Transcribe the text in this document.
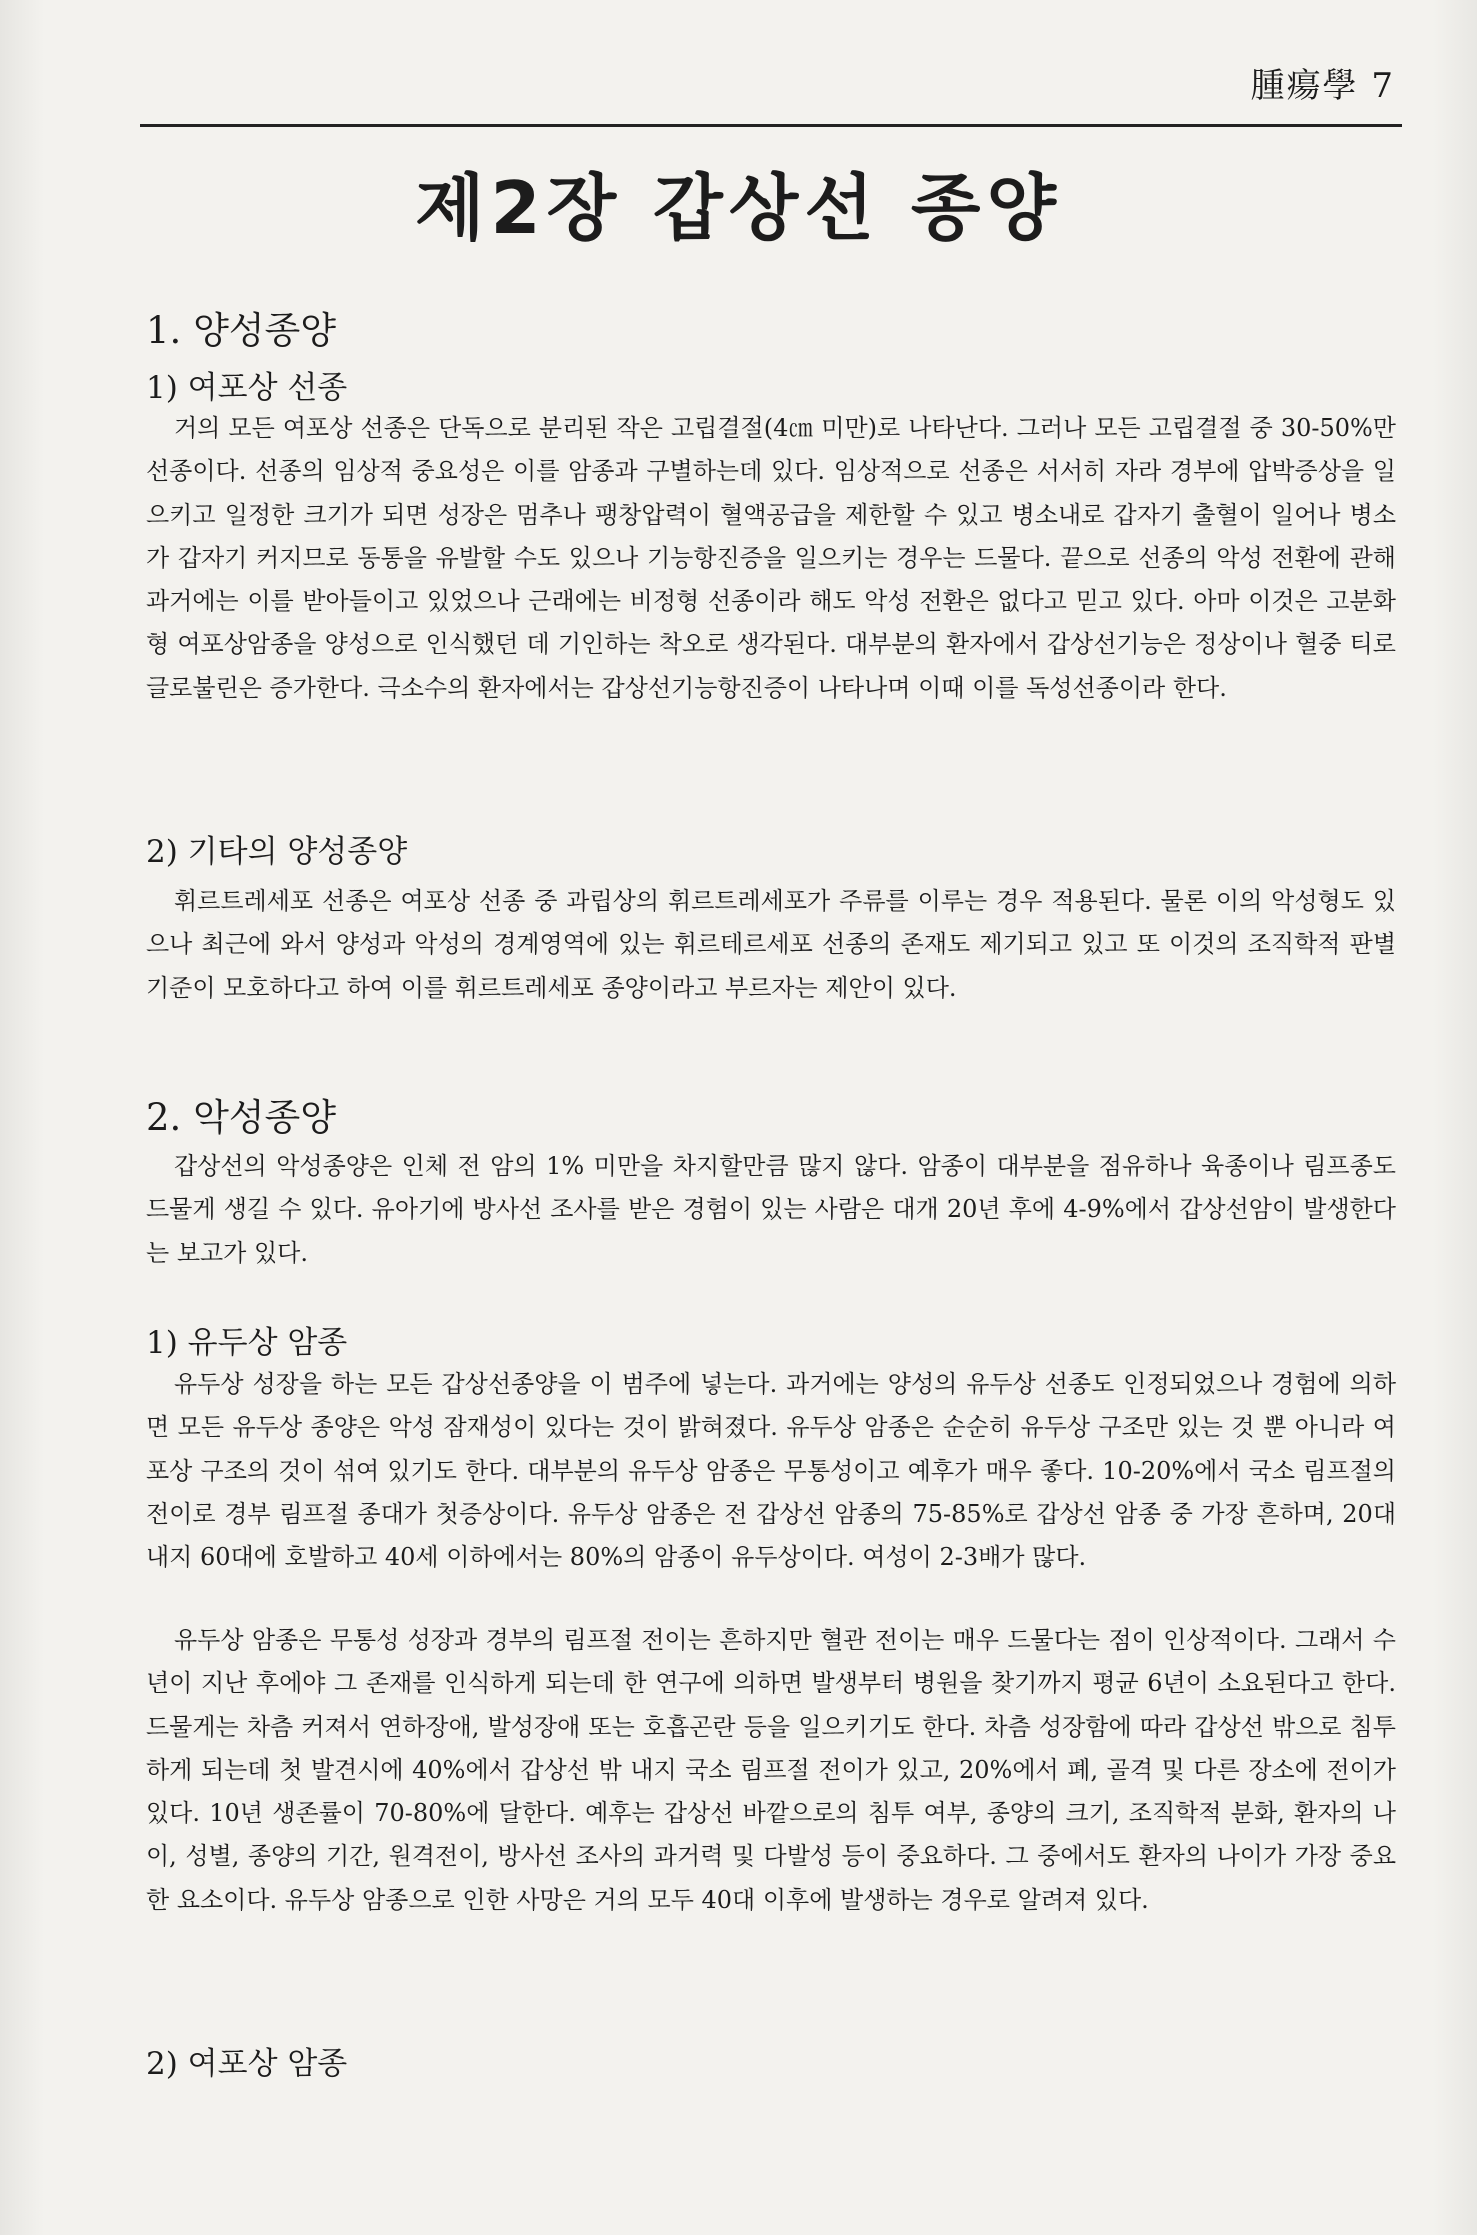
腫瘍學 7
제2장 갑상선 종양
1. 양성종양
1) 여포상 선종

거의 모든 여포상 선종은 단독으로 분리된 작은 고립결절(4㎝ 미만)로 나타난다. 그러나 모든 고립결절 중 30-50%만 선종이다. 선종의 임상적 중요성은 이를 암종과 구별하는데 있다. 임상적으로 선종은 서서히 자라 경부에 압박증상을 일으키고 일정한 크기가 되면 성장은 멈추나 팽창압력이 혈액공급을 제한할 수 있고 병소내로 갑자기 출혈이 일어나 병소가 갑자기 커지므로 동통을 유발할 수도 있으나 기능항진증을 일으키는 경우는 드물다. 끝으로 선종의 악성 전환에 관해 과거에는 이를 받아들이고 있었으나 근래에는 비정형 선종이라 해도 악성 전환은 없다고 믿고 있다. 아마 이것은 고분화형 여포상암종을 양성으로 인식했던 데 기인하는 착오로 생각된다. 대부분의 환자에서 갑상선기능은 정상이나 혈중 티로글로불린은 증가한다. 극소수의 환자에서는 갑상선기능항진증이 나타나며 이때 이를 독성선종이라 한다.

2) 기타의 양성종양

휘르트레세포 선종은 여포상 선종 중 과립상의 휘르트레세포가 주류를 이루는 경우 적용된다. 물론 이의 악성형도 있으나 최근에 와서 양성과 악성의 경계영역에 있는 휘르테르세포 선종의 존재도 제기되고 있고 또 이것의 조직학적 판별기준이 모호하다고 하여 이를 휘르트레세포 종양이라고 부르자는 제안이 있다.

2. 악성종양

갑상선의 악성종양은 인체 전 암의 1% 미만을 차지할만큼 많지 않다. 암종이 대부분을 점유하나 육종이나 림프종도 드물게 생길 수 있다. 유아기에 방사선 조사를 받은 경험이 있는 사람은 대개 20년 후에 4-9%에서 갑상선암이 발생한다는 보고가 있다.

1) 유두상 암종

유두상 성장을 하는 모든 갑상선종양을 이 범주에 넣는다. 과거에는 양성의 유두상 선종도 인정되었으나 경험에 의하면 모든 유두상 종양은 악성 잠재성이 있다는 것이 밝혀졌다. 유두상 암종은 순순히 유두상 구조만 있는 것 뿐 아니라 여포상 구조의 것이 섞여 있기도 한다. 대부분의 유두상 암종은 무통성이고 예후가 매우 좋다. 10-20%에서 국소 림프절의 전이로 경부 림프절 종대가 첫증상이다. 유두상 암종은 전 갑상선 암종의 75-85%로 갑상선 암종 중 가장 흔하며, 20대 내지 60대에 호발하고 40세 이하에서는 80%의 암종이 유두상이다. 여성이 2-3배가 많다.

유두상 암종은 무통성 성장과 경부의 림프절 전이는 흔하지만 혈관 전이는 매우 드물다는 점이 인상적이다. 그래서 수 년이 지난 후에야 그 존재를 인식하게 되는데 한 연구에 의하면 발생부터 병원을 찾기까지 평균 6년이 소요된다고 한다. 드물게는 차츰 커져서 연하장애, 발성장애 또는 호흡곤란 등을 일으키기도 한다. 차츰 성장함에 따라 갑상선 밖으로 침투하게 되는데 첫 발견시에 40%에서 갑상선 밖 내지 국소 림프절 전이가 있고, 20%에서 폐, 골격 및 다른 장소에 전이가 있다. 10년 생존률이 70-80%에 달한다. 예후는 갑상선 바깥으로의 침투 여부, 종양의 크기, 조직학적 분화, 환자의 나이, 성별, 종양의 기간, 원격전이, 방사선 조사의 과거력 및 다발성 등이 중요하다. 그 중에서도 환자의 나이가 가장 중요한 요소이다. 유두상 암종으로 인한 사망은 거의 모두 40대 이후에 발생하는 경우로 알려져 있다.

2) 여포상 암종
